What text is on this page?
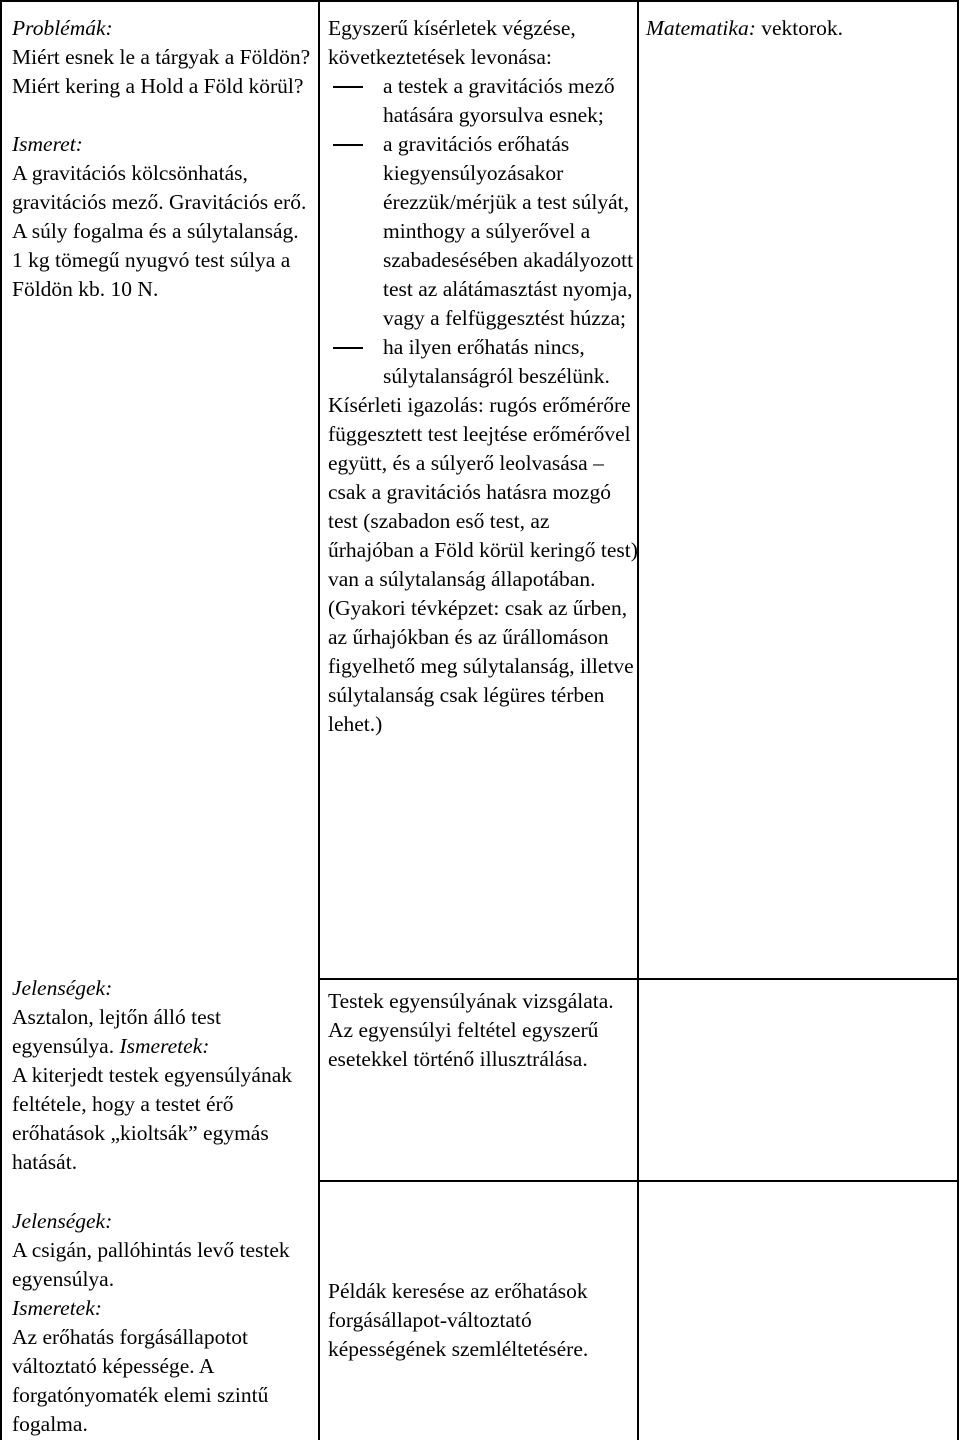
Problémák:

Miért esnek le a tárgyak a Földön? Miért kering a Hold a Föld körül?

Ismeret:

A gravitációs kölcsönhatás, gravitációs mező. Gravitációs erő.

A súly fogalma és a súlytalanság.

1 kg tömegű nyugvó test súlya a Földön kb. 10 N.

Egyszerű kísérletek végzése, következtetések levonása:

a testek a gravitációs mező hatására gyorsulva esnek;
a gravitációs erőhatás kiegyensúlyozásakor érezzük/mérjük a test súlyát, minthogy a súlyerővel a szabadesésében akadályozott test az alátámasztást nyomja, vagy a felfüggesztést húzza;
ha ilyen erőhatás nincs, súlytalanságról beszélünk.

Kísérleti igazolás: rugós erőmérőre függesztett test leejtése erőmérővel együtt, és a súlyerő leolvasása – csak a gravitációs hatásra mozgó test (szabadon eső test, az űrhajóban a Föld körül keringő test) van a súlytalanság állapotában.

(Gyakori tévképzet: csak az űrben, az űrhajókban és az űrállomáson figyelhető meg súlytalanság, illetve súlytalanság csak légüres térben lehet.)

Matematika: vektorok.

Jelenségek:

Asztalon, lejtőn álló test egyensúlya. Ismeretek:

A kiterjedt testek egyensúlyának feltétele, hogy a testet érő erőhatások „kioltsák” egymás hatását.

Testek egyensúlyának vizsgálata.

Az egyensúlyi feltétel egyszerű esetekkel történő illusztrálása.

Jelenségek:

A csigán, pallóhintás levő testek egyensúlya.

Ismeretek:

Az erőhatás forgásállapotot változtató képessége. A forgatónyomaték elemi szintű fogalma.

Példák keresése az erőhatások forgásállapot-változtató képességének szemléltetésére.
